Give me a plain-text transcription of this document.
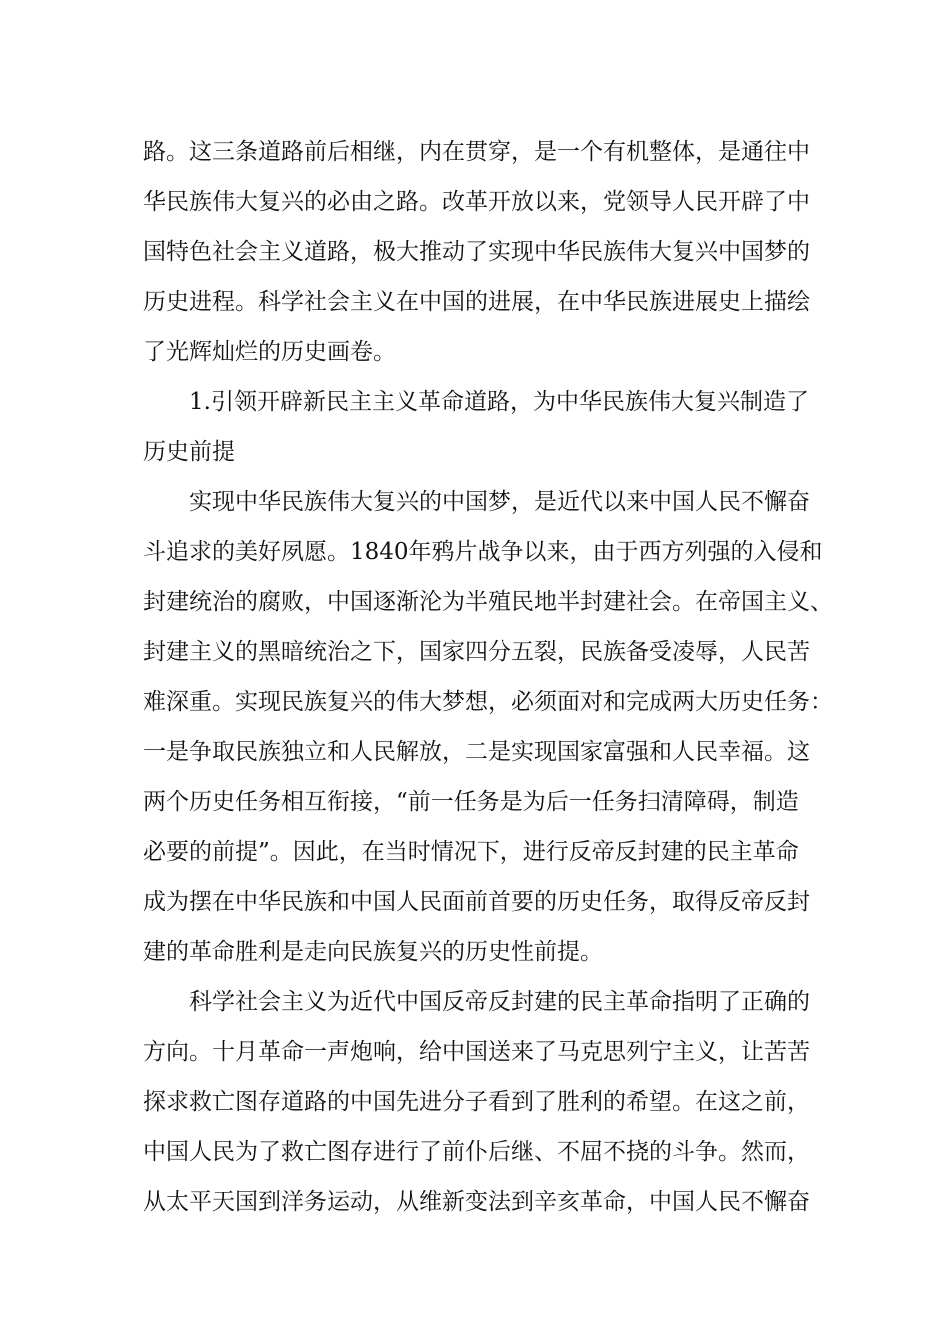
路。这三条道路前后相继，内在贯穿，是一个有机整体，是通往中
华民族伟大复兴的必由之路。改革开放以来，党领导人民开辟了中
国特色社会主义道路，极大推动了实现中华民族伟大复兴中国梦的
历史进程。科学社会主义在中国的进展，在中华民族进展史上描绘
了光辉灿烂的历史画卷。
1.引领开辟新民主主义革命道路，为中华民族伟大复兴制造了
历史前提
实现中华民族伟大复兴的中国梦，是近代以来中国人民不懈奋
斗追求的美好夙愿。1840年鸦片战争以来，由于西方列强的入侵和
封建统治的腐败，中国逐渐沦为半殖民地半封建社会。在帝国主义、
封建主义的黑暗统治之下，国家四分五裂，民族备受凌辱，人民苦
难深重。实现民族复兴的伟大梦想，必须面对和完成两大历史任务：
一是争取民族独立和人民解放，二是实现国家富强和人民幸福。这
两个历史任务相互衔接，“前一任务是为后一任务扫清障碍，制造
必要的前提”。因此，在当时情况下，进行反帝反封建的民主革命
成为摆在中华民族和中国人民面前首要的历史任务，取得反帝反封
建的革命胜利是走向民族复兴的历史性前提。
科学社会主义为近代中国反帝反封建的民主革命指明了正确的
方向。十月革命一声炮响，给中国送来了马克思列宁主义，让苦苦
探求救亡图存道路的中国先进分子看到了胜利的希望。在这之前，
中国人民为了救亡图存进行了前仆后继、不屈不挠的斗争。然而，
从太平天国到洋务运动，从维新变法到辛亥革命，中国人民不懈奋
